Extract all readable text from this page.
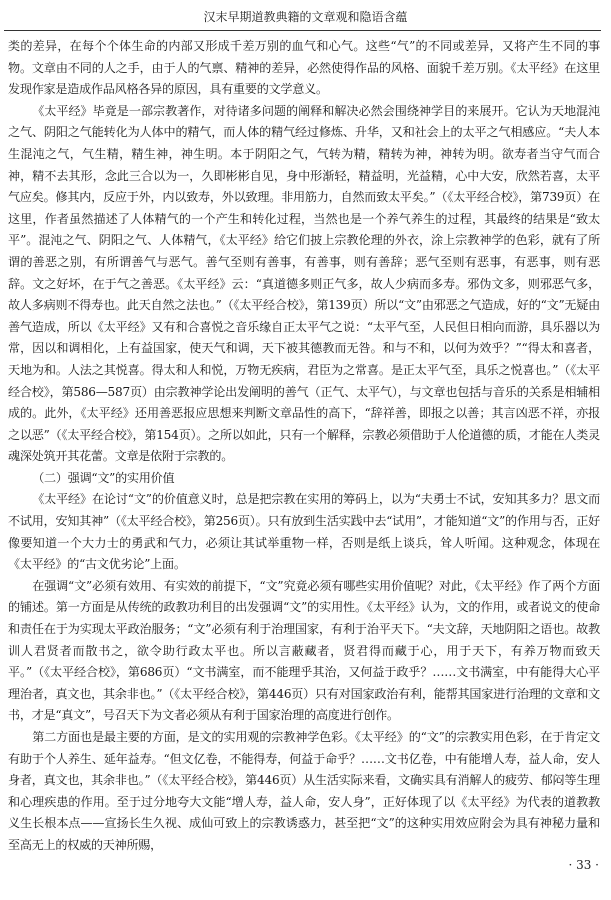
汉末早期道教典籍的文章观和隐语含蕴

类的差异，在每个个体生命的内部又形成千差万别的血气和心气。这些“气”的不同或差异，又将产生不同的事物。文章由不同的人之手，由于人的气禀、精神的差异，必然使得作品的风格、面貌千差万别。《太平经》在这里发现作家是造成作品风格各异的原因，具有重要的文学意义。

《太平经》毕竟是一部宗教著作，对待诸多问题的阐释和解决必然会围绕神学目的来展开。它认为天地混沌之气、阴阳之气能转化为人体中的精气，而人体的精气经过修炼、升华，又和社会上的太平之气相感应。“夫人本生混沌之气，气生精，精生神，神生明。本于阴阳之气，气转为精，精转为神，神转为明。欲寿者当守气而合神，精不去其形，念此三合以为一，久即彬彬自见，身中形渐轻，精益明，光益精，心中大安，欣然若喜，太平气应矣。修其内，反应于外，内以致寿，外以致理。非用筋力，自然而致太平矣。”（《太平经合校》，第739页）在这里，作者虽然描述了人体精气的一个产生和转化过程，当然也是一个养气养生的过程，其最终的结果是“致太平”。混沌之气、阴阳之气、人体精气，《太平经》给它们披上宗教伦理的外衣，涂上宗教神学的色彩，就有了所谓的善恶之别，有所谓善气与恶气。善气至则有善事，有善事，则有善辞；恶气至则有恶事，有恶事，则有恶辞。文之好坏，在于气之善恶。《太平经》云：“真道德多则正气多，故人少病而多寿。邪伪文多，则邪恶气多，故人多病则不得寿也。此天自然之法也。”（《太平经合校》，第139页）所以“文”由邪恶之气造成，好的“文”无疑由善气造成，所以《太平经》又有和合喜悦之音乐缘自正太平气之说：“太平气至，人民但日相向而游，具乐器以为常，因以和调相化，上有益国家，使天气和调，天下被其德教而无咎。和与不和，以何为效乎？”“得太和喜者，天地为和。人法之其悦喜。得太和人和悦，万物无疾病，君臣为之常喜。是正太平气至，具乐之悦喜也。”（《太平经合校》，第586—587页）由宗教神学论出发阐明的善气（正气、太平气），与文章也包括与音乐的关系是相辅相成的。此外，《太平经》还用善恶报应思想来判断文章品性的高下，“辞祥善，即报之以善；其言凶恶不祥，亦报之以恶”（《太平经合校》，第154页）。之所以如此，只有一个解释，宗教必须借助于人伦道德的质，才能在人类灵魂深处筑开其花蕾。文章是依附于宗教的。

（二）强调“文”的实用价值

《太平经》在论讨“文”的价值意义时，总是把宗教在实用的筹码上，以为“夫勇士不试，安知其多力？思文而不试用，安知其神”（《太平经合校》，第256页）。只有放到生活实践中去“试用”，才能知道“文”的作用与否，正好像要知道一个大力士的勇武和气力，必须让其试举重物一样，否则是纸上谈兵，耸人听闻。这种观念，体现在《太平经》的“古文优劣论”上面。

在强调“文”必须有效用、有实效的前提下，“文”究竟必须有哪些实用价值呢？对此，《太平经》作了两个方面的铺述。第一方面是从传统的政教功利目的出发强调“文”的实用性。《太平经》认为，文的作用，或者说文的使命和责任在于为实现太平政治服务；“文”必须有利于治理国家，有利于治平天下。“夫文辞，天地阴阳之语也。故教训人君贤者而散书之，欲令助行政太平也。所以言蔽藏者，贤君得而藏于心，用于天下，有养万物而致天平。”（《太平经合校》，第686页）“文书满室，而不能理乎其治，又何益于政乎？……文书满室，中有能得大心平理治者，真文也，其余非也。”（《太平经合校》，第446页）只有对国家政治有利，能帮其国家进行治理的文章和文书，才是“真文”，号召天下为文者必须从有利于国家治理的高度进行创作。

第二方面也是最主要的方面，是文的实用观的宗教神学色彩。《太平经》的“文”的宗教实用色彩，在于肯定文有助于个人养生、延年益寿。“但文亿卷，不能得寿，何益于命乎？……文书亿卷，中有能增人寿，益人命，安人身者，真文也，其余非也。”（《太平经合校》，第446页）从生活实际来看，文确实具有消解人的疲劳、郁闷等生理和心理疾患的作用。至于过分地夸大文能“增人寿，益人命，安人身”，正好体现了以《太平经》为代表的道教教义生长根本点——宣扬长生久视、成仙可致上的宗教诱惑力，甚至把“文”的这种实用效应附会为具有神秘力量和至高无上的权威的天神所赐，

· 33 ·
